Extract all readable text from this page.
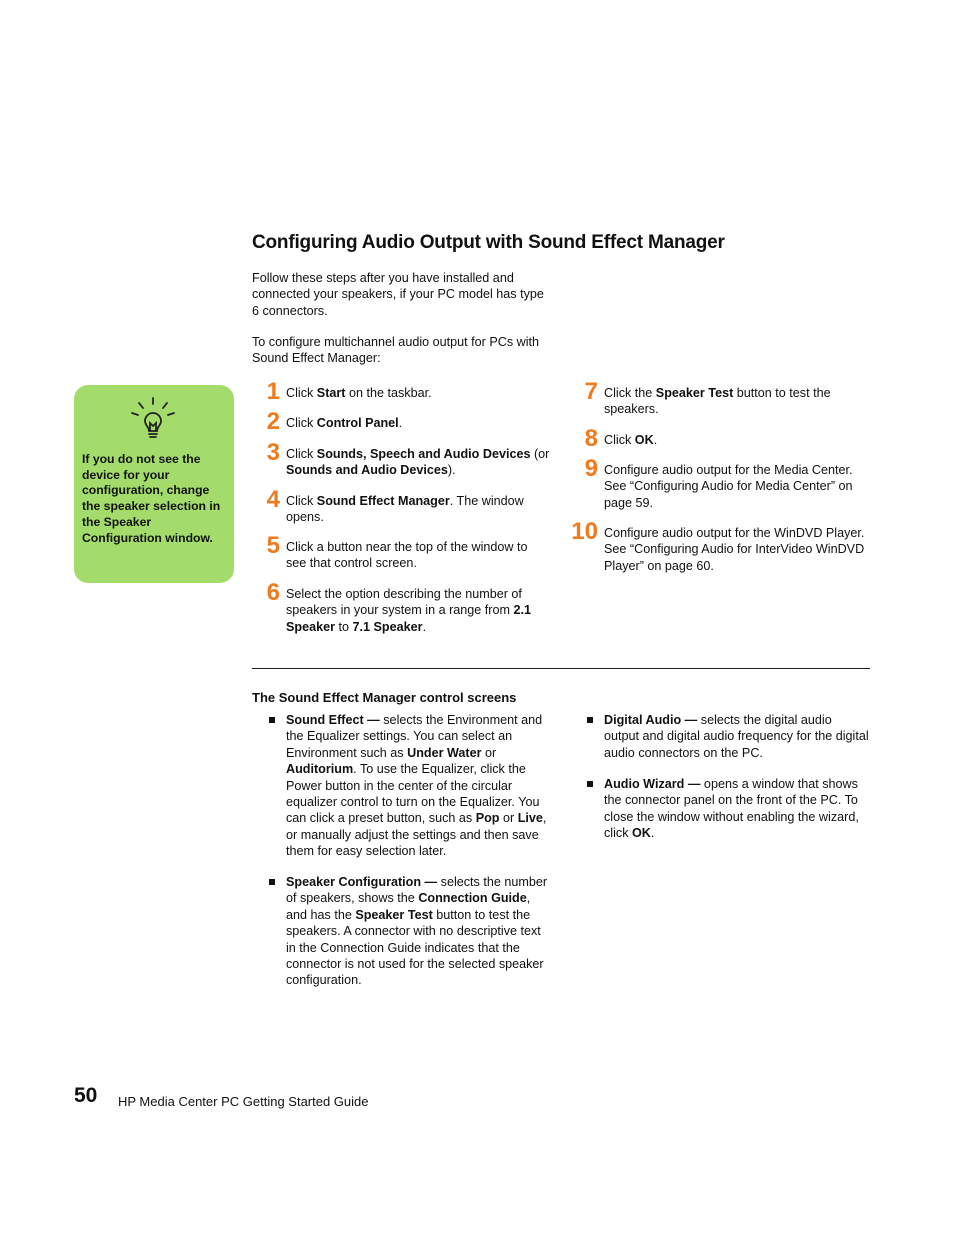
Configuring Audio Output with Sound Effect Manager

Follow these steps after you have installed and connected your speakers, if your PC model has type 6 connectors.

To configure multichannel audio output for PCs with Sound Effect Manager:

If you do not see the device for your configuration, change the speaker selection in the Speaker Configuration window.
1 Click Start on the taskbar.
2 Click Control Panel.
3 Click Sounds, Speech and Audio Devices (or Sounds and Audio Devices).
4 Click Sound Effect Manager. The window opens.
5 Click a button near the top of the window to see that control screen.
6 Select the option describing the number of speakers in your system in a range from 2.1 Speaker to 7.1 Speaker.
7 Click the Speaker Test button to test the speakers.
8 Click OK.
9 Configure audio output for the Media Center. See “Configuring Audio for Media Center” on page 59.
10 Configure audio output for the WinDVD Player. See “Configuring Audio for InterVideo WinDVD Player” on page 60.
The Sound Effect Manager control screens
Sound Effect — selects the Environment and the Equalizer settings. You can select an Environment such as Under Water or Auditorium. To use the Equalizer, click the Power button in the center of the circular equalizer control to turn on the Equalizer. You can click a preset button, such as Pop or Live, or manually adjust the settings and then save them for easy selection later.
Speaker Configuration — selects the number of speakers, shows the Connection Guide, and has the Speaker Test button to test the speakers. A connector with no descriptive text in the Connection Guide indicates that the connector is not used for the selected speaker configuration.
Digital Audio — selects the digital audio output and digital audio frequency for the digital audio connectors on the PC.
Audio Wizard — opens a window that shows the connector panel on the front of the PC. To close the window without enabling the wizard, click OK.
50 HP Media Center PC Getting Started Guide
